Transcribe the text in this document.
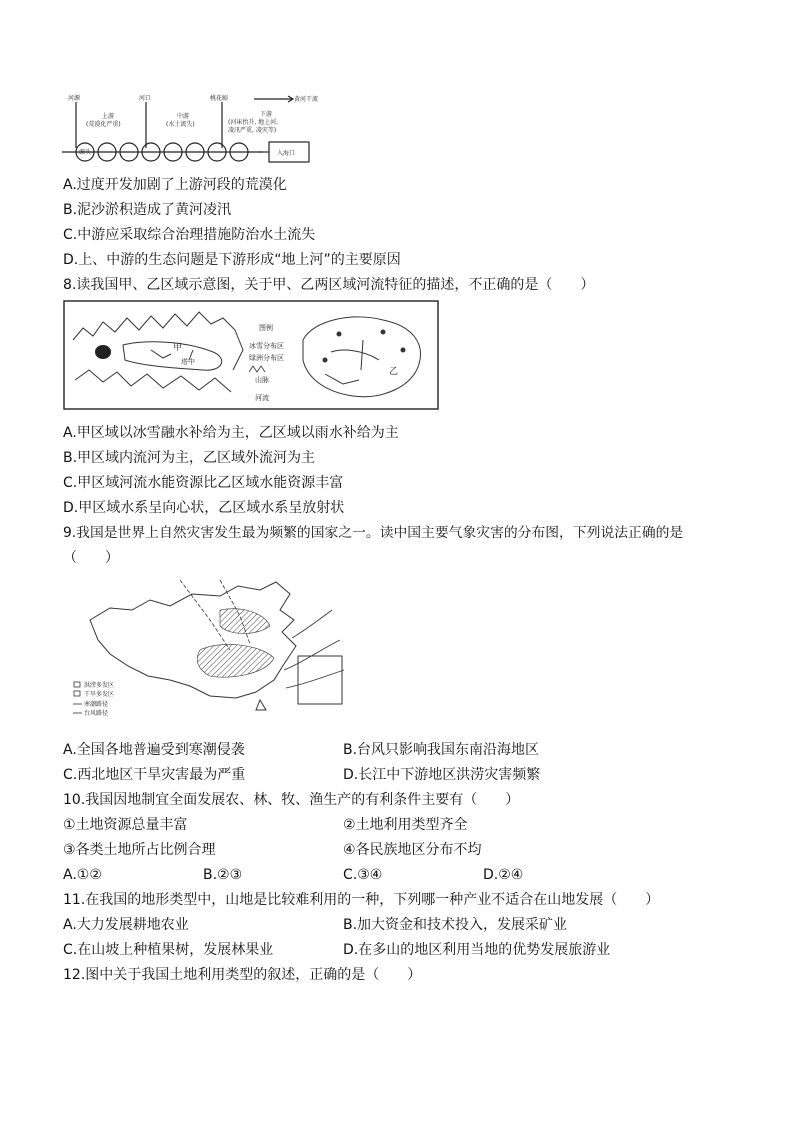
河源	河口	桃花峪	黄河干流
上游
(荒漠化严重)
中游
(水土流失)
下游
(河床抬升, 地上河,
凌汛严重, 凌灾等)
源头	入海口
A.过度开发加剧了上游河段的荒漠化
B.泥沙淤积造成了黄河凌汛
C.中游应采取综合治理措施防治水土流失
D.上、中游的生态问题是下游形成“地上河”的主要原因
8.读我国甲、乙区域示意图，关于甲、乙两区域河流特征的描述，不正确的是（　　）
塔中
图例
冰雪分布区
绿洲分布区
山脉
河流
甲
乙
A.甲区域以冰雪融水补给为主，乙区域以雨水补给为主
B.甲区域内流河为主，乙区域外流河为主
C.甲区域河流水能资源比乙区域水能资源丰富
D.甲区域水系呈向心状，乙区域水系呈放射状
9.我国是世界上自然灾害发生最为频繁的国家之一。读中国主要气象灾害的分布图，下列说法正确的是
（　　）
洪涝多发区
干旱多发区
寒潮路径
台风路径
A.全国各地普遍受到寒潮侵袭	B.台风只影响我国东南沿海地区
C.西北地区干旱灾害最为严重	D.长江中下游地区洪涝灾害频繁
10.我国因地制宜全面发展农、林、牧、渔生产的有利条件主要有（　　）
①土地资源总量丰富	②土地利用类型齐全
③各类土地所占比例合理	④各民族地区分布不均
A.①②	B.②③	C.③④	D.②④
11.在我国的地形类型中，山地是比较难利用的一种，下列哪一种产业不适合在山地发展（　　）
A.大力发展耕地农业	B.加大资金和技术投入，发展采矿业
C.在山坡上种植果树，发展林果业	D.在多山的地区利用当地的优势发展旅游业
12.图中关于我国土地利用类型的叙述，正确的是（　　）
